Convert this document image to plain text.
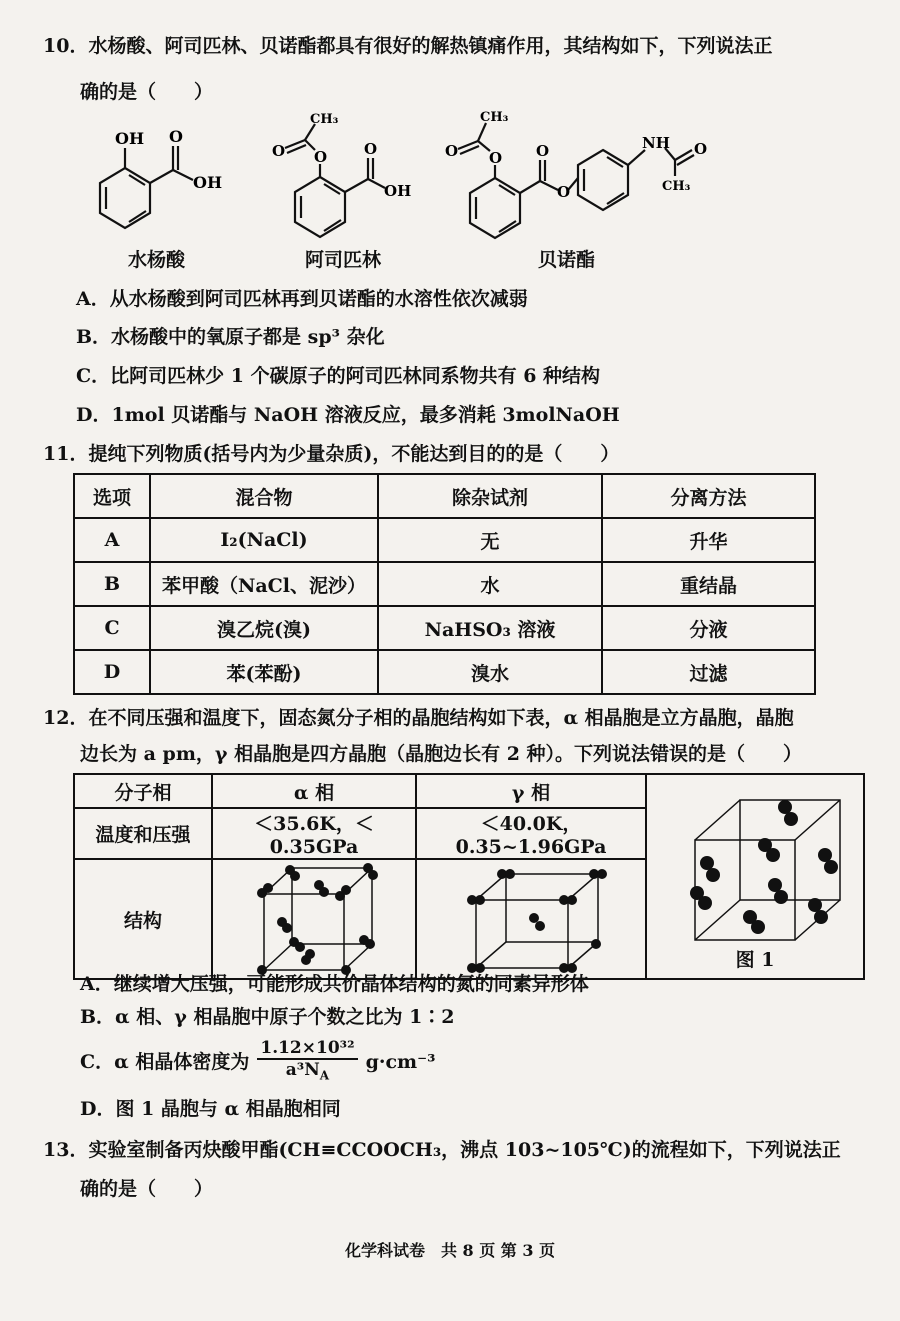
10．水杨酸、阿司匹林、贝诺酯都具有很好的解热镇痛作用，其结构如下，下列说法正
确的是（　　）
OH O
OH
O
O
CH₃
O
OH
O
O
CH₃
O
O
NH O
CH₃
水杨酸	阿司匹林	贝诺酯
A．从水杨酸到阿司匹林再到贝诺酯的水溶性依次减弱
B．水杨酸中的氧原子都是 sp³ 杂化
C．比阿司匹林少 1 个碳原子的阿司匹林同系物共有 6 种结构
D．1mol 贝诺酯与 NaOH 溶液反应，最多消耗 3molNaOH
11．提纯下列物质(括号内为少量杂质)，不能达到目的的是（　　）
选项	混合物	除杂试剂	分离方法
A	I₂(NaCl)	无	升华
B	苯甲酸（NaCl、泥沙）	水	重结晶
C	溴乙烷(溴)	NaHSO₃ 溶液	分液
D	苯(苯酚)	溴水	过滤
12．在不同压强和温度下，固态氮分子相的晶胞结构如下表，α 相晶胞是立方晶胞，晶胞
边长为 a pm，γ 相晶胞是四方晶胞（晶胞边长有 2 种）。下列说法错误的是（　　）
分子相	α 相	γ 相	图 1

温度和压强	＜35.6K，＜0.35GPa	＜40.0K，0.35~1.96GPa	
结构	

A．继续增大压强，可能形成共价晶体结构的氮的同素异形体
B．α 相、γ 相晶胞中原子个数之比为 1∶2
C．α 相晶体密度为 $\frac{\text{1.12×10³²}}{a^3N_A} g\cdot cm^{-3}$
D．图 1 晶胞与 α 相晶胞相同
13．实验室制备丙炔酸甲酯(CH≡CCOOCH₃，沸点 103~105℃)的流程如下，下列说法正
确的是（　　）
化学科试卷　共 8 页 第 3 页
